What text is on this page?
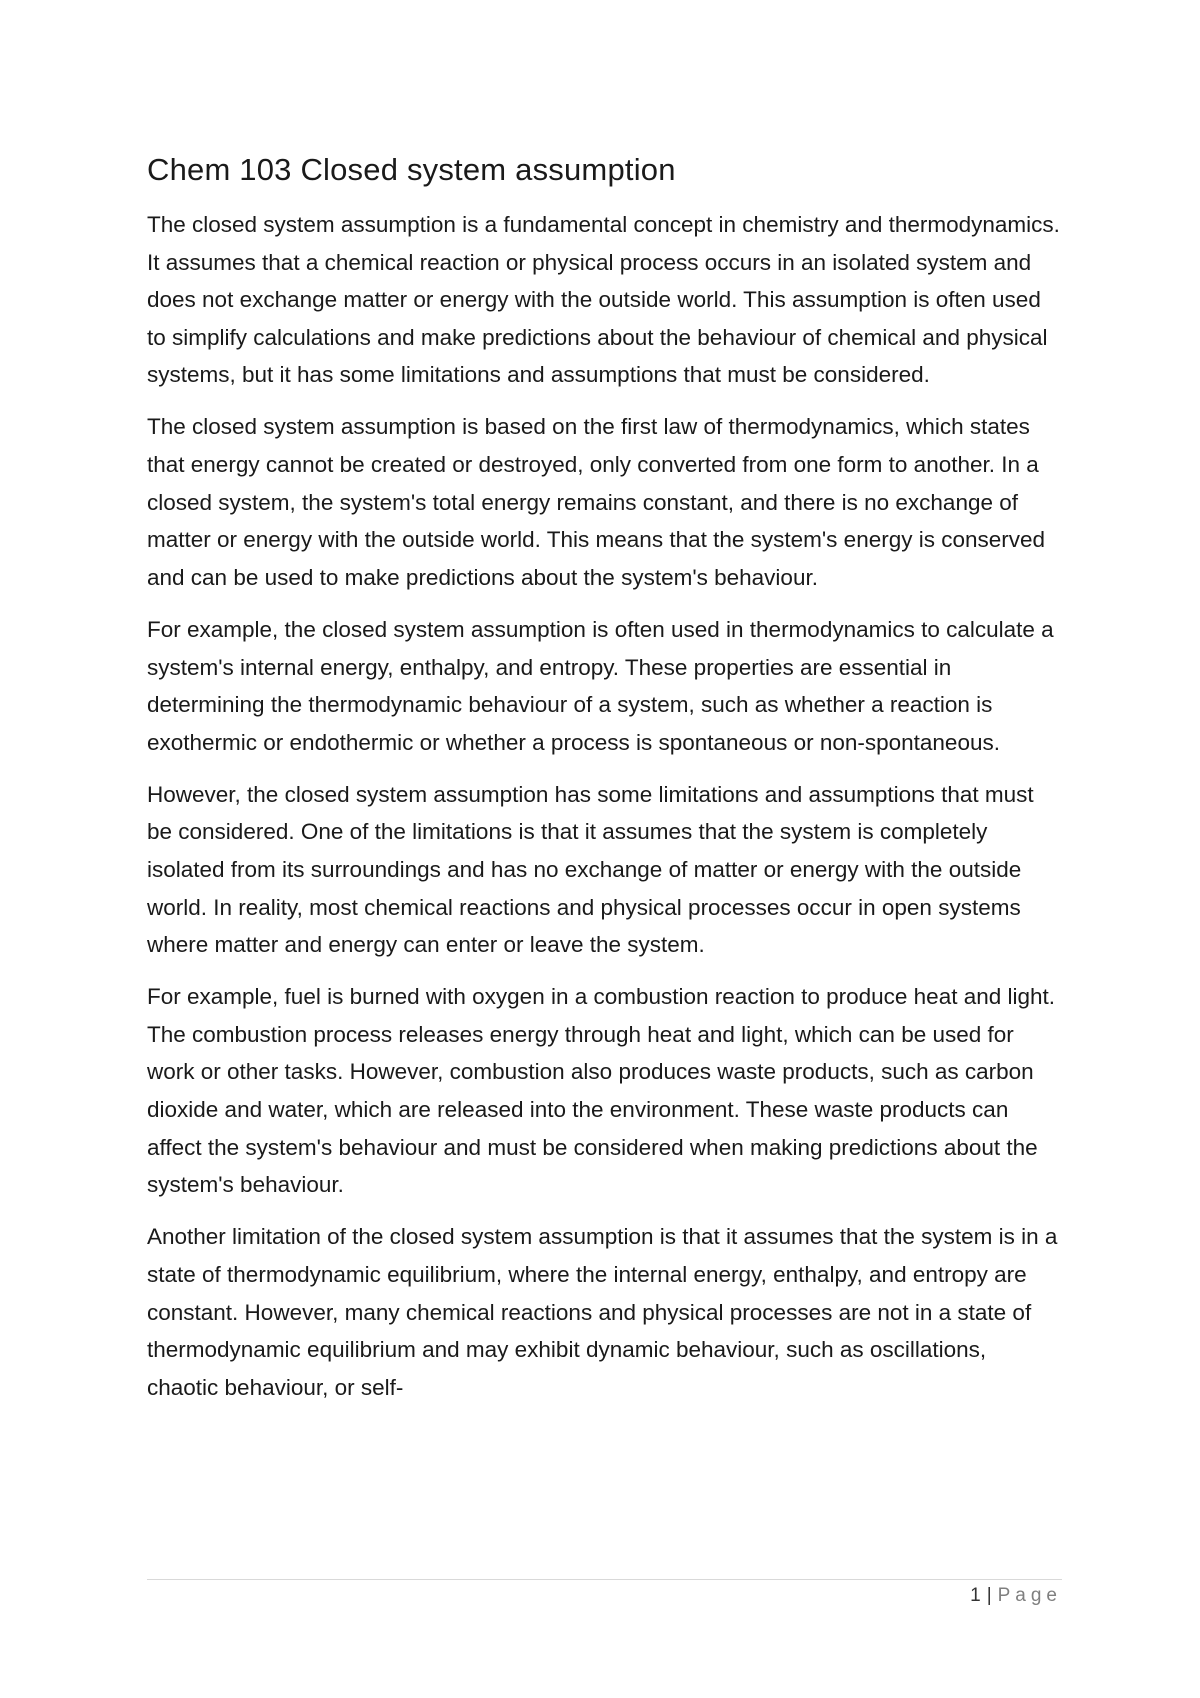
Chem 103 Closed system assumption

The closed system assumption is a fundamental concept in chemistry and thermodynamics. It assumes that a chemical reaction or physical process occurs in an isolated system and does not exchange matter or energy with the outside world. This assumption is often used to simplify calculations and make predictions about the behaviour of chemical and physical systems, but it has some limitations and assumptions that must be considered.

The closed system assumption is based on the first law of thermodynamics, which states that energy cannot be created or destroyed, only converted from one form to another. In a closed system, the system's total energy remains constant, and there is no exchange of matter or energy with the outside world. This means that the system's energy is conserved and can be used to make predictions about the system's behaviour.

For example, the closed system assumption is often used in thermodynamics to calculate a system's internal energy, enthalpy, and entropy. These properties are essential in determining the thermodynamic behaviour of a system, such as whether a reaction is exothermic or endothermic or whether a process is spontaneous or non-spontaneous.

However, the closed system assumption has some limitations and assumptions that must be considered. One of the limitations is that it assumes that the system is completely isolated from its surroundings and has no exchange of matter or energy with the outside world. In reality, most chemical reactions and physical processes occur in open systems where matter and energy can enter or leave the system.

For example, fuel is burned with oxygen in a combustion reaction to produce heat and light. The combustion process releases energy through heat and light, which can be used for work or other tasks. However, combustion also produces waste products, such as carbon dioxide and water, which are released into the environment. These waste products can affect the system's behaviour and must be considered when making predictions about the system's behaviour.

Another limitation of the closed system assumption is that it assumes that the system is in a state of thermodynamic equilibrium, where the internal energy, enthalpy, and entropy are constant. However, many chemical reactions and physical processes are not in a state of thermodynamic equilibrium and may exhibit dynamic behaviour, such as oscillations, chaotic behaviour, or self-

1 | Page
